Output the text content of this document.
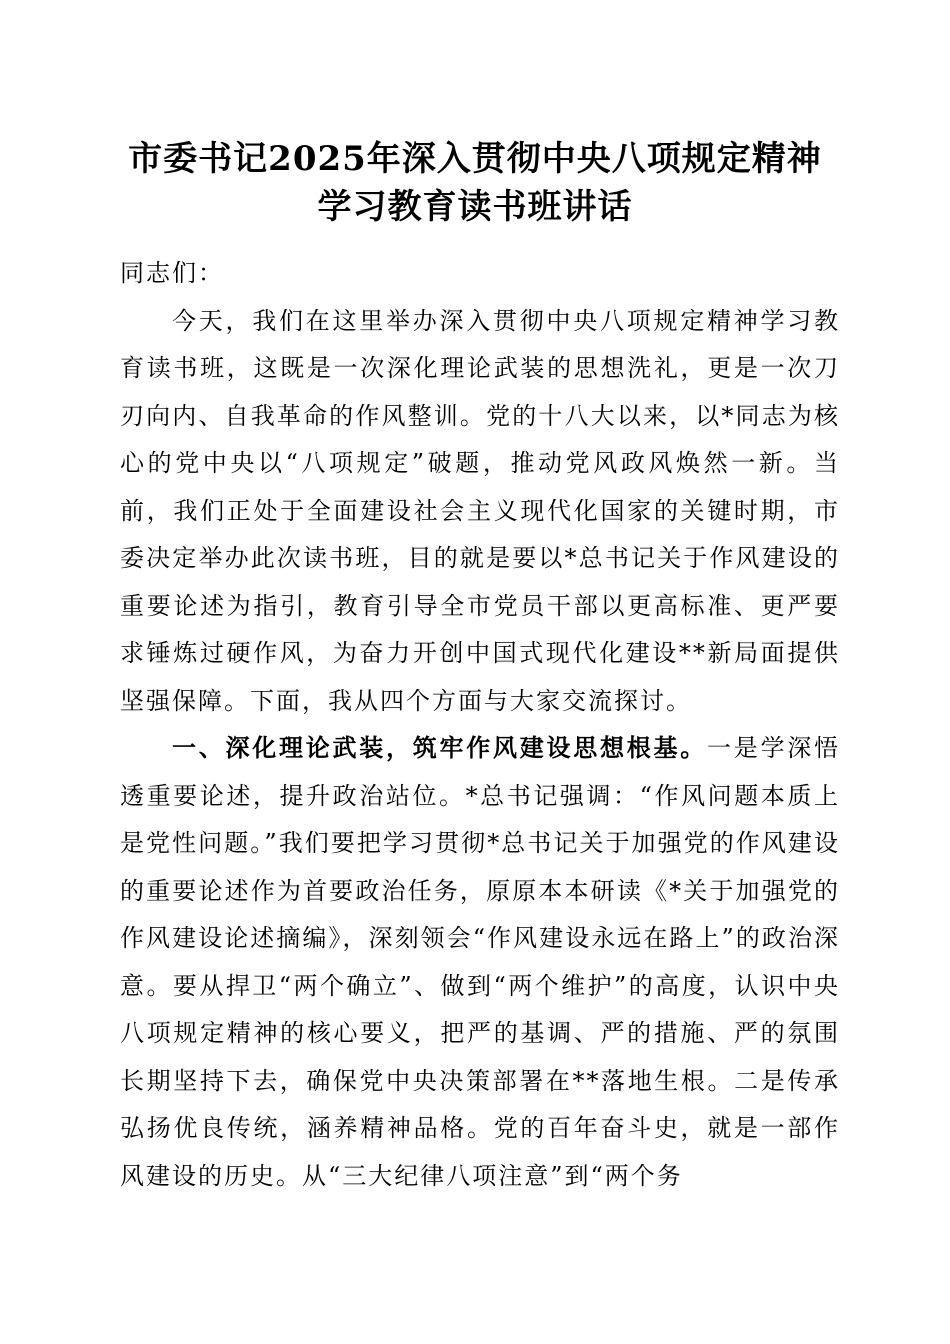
市委书记2025年深入贯彻中央八项规定精神
学习教育读书班讲话

同志们：

今天，我们在这里举办深入贯彻中央八项规定精神学习教育读书班，这既是一次深化理论武装的思想洗礼，更是一次刀刃向内、自我革命的作风整训。党的十八大以来，以*同志为核心的党中央以“八项规定”破题，推动党风政风焕然一新。当前，我们正处于全面建设社会主义现代化国家的关键时期，市委决定举办此次读书班，目的就是要以*总书记关于作风建设的重要论述为指引，教育引导全市党员干部以更高标准、更严要求锤炼过硬作风，为奋力开创中国式现代化建设**新局面提供坚强保障。下面，我从四个方面与大家交流探讨。

一、深化理论武装，筑牢作风建设思想根基。一是学深悟透重要论述，提升政治站位。*总书记强调：“作风问题本质上是党性问题。”我们要把学习贯彻*总书记关于加强党的作风建设的重要论述作为首要政治任务，原原本本研读《*关于加强党的作风建设论述摘编》，深刻领会“作风建设永远在路上”的政治深意。要从捍卫“两个确立”、做到“两个维护”的高度，认识中央八项规定精神的核心要义，把严的基调、严的措施、严的氛围长期坚持下去，确保党中央决策部署在**落地生根。二是传承弘扬优良传统，涵养精神品格。党的百年奋斗史，就是一部作风建设的历史。从“三大纪律八项注意”到“两个务
